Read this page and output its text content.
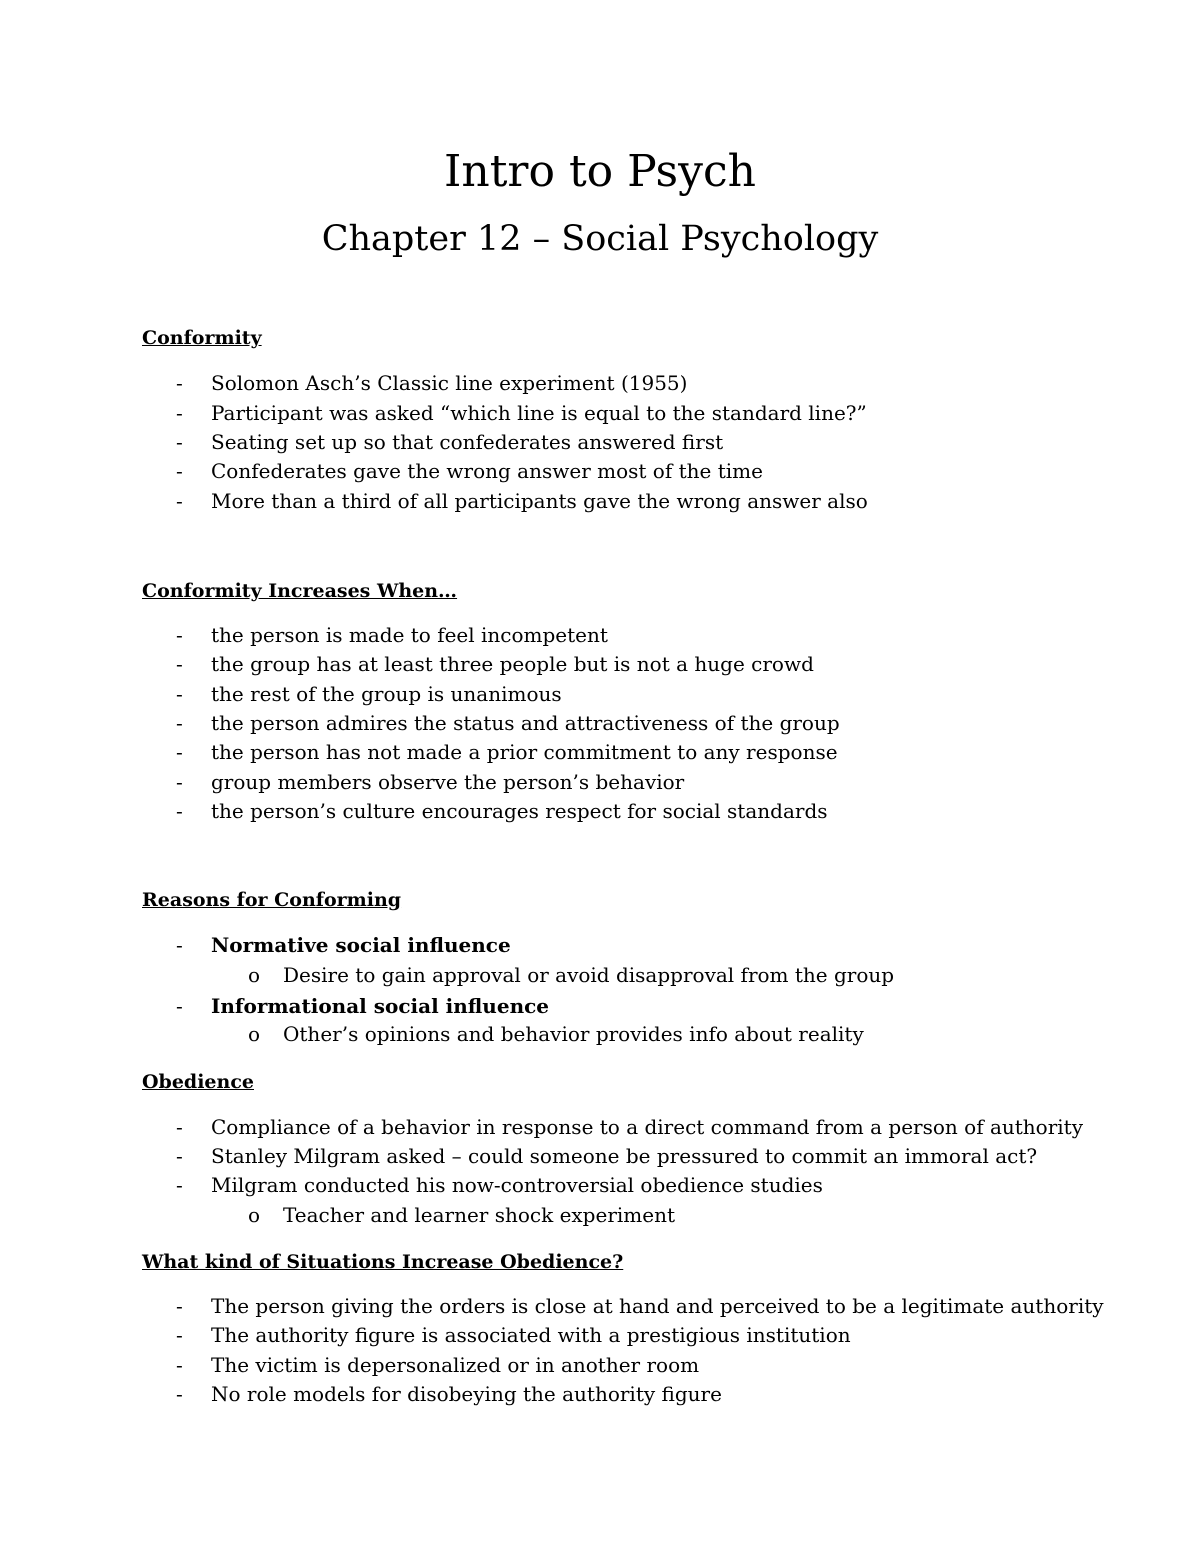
Intro to Psych
Chapter 12 – Social Psychology
Conformity
- Solomon Asch’s Classic line experiment (1955)
- Participant was asked “which line is equal to the standard line?”
- Seating set up so that confederates answered first
- Confederates gave the wrong answer most of the time
- More than a third of all participants gave the wrong answer also
Conformity Increases When…
- the person is made to feel incompetent
- the group has at least three people but is not a huge crowd
- the rest of the group is unanimous
- the person admires the status and attractiveness of the group
- the person has not made a prior commitment to any response
- group members observe the person’s behavior
- the person’s culture encourages respect for social standards
Reasons for Conforming
- Normative social influence
o Desire to gain approval or avoid disapproval from the group
- Informational social influence
o Other’s opinions and behavior provides info about reality
Obedience
- Compliance of a behavior in response to a direct command from a person of authority
- Stanley Milgram asked – could someone be pressured to commit an immoral act?
- Milgram conducted his now-controversial obedience studies
o Teacher and learner shock experiment
What kind of Situations Increase Obedience?
- The person giving the orders is close at hand and perceived to be a legitimate authority
- The authority figure is associated with a prestigious institution
- The victim is depersonalized or in another room
- No role models for disobeying the authority figure
